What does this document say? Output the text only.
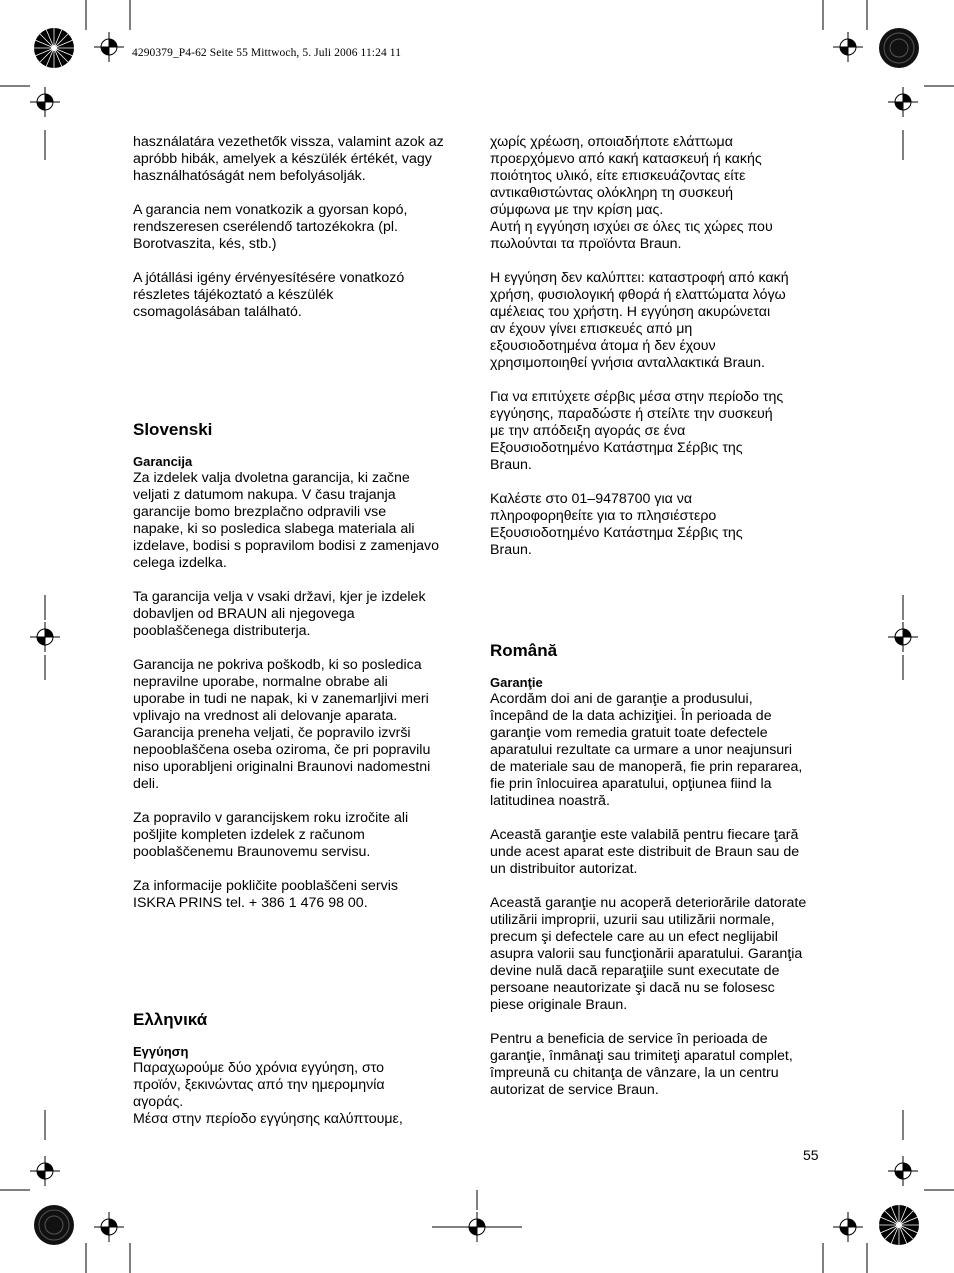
4290379_P4-62 Seite 55 Mittwoch, 5. Juli 2006 11:24 11

használatára vezethetők vissza, valamint azok az
apróbb hibák, amelyek a készülék értékét, vagy
használhatóságát nem befolyásolják.

A garancia nem vonatkozik a gyorsan kopó,
rendszeresen cserélendő tartozékokra (pl.
Borotvaszita, kés, stb.)

A jótállási igény érvényesítésére vonatkozó
részletes tájékoztató a készülék
csomagolásában található.

Slovenski
Garancija

Za izdelek valja dvoletna garancija, ki začne
veljati z datumom nakupa. V času trajanja
garancije bomo brezplačno odpravili vse
napake, ki so posledica slabega materiala ali
izdelave, bodisi s popravilom bodisi z zamenjavo
celega izdelka.

Ta garancija velja v vsaki državi, kjer je izdelek
dobavljen od BRAUN ali njegovega
pooblaščenega distributerja.

Garancija ne pokriva poškodb, ki so posledica
nepravilne uporabe, normalne obrabe ali
uporabe in tudi ne napak, ki v zanemarljivi meri
vplivajo na vrednost ali delovanje aparata.
Garancija preneha veljati, če popravilo izvrši
nepooblaščena oseba oziroma, če pri popravilu
niso uporabljeni originalni Braunovi nadomestni
deli.

Za popravilo v garancijskem roku izročite ali
pošljite kompleten izdelek z računom
pooblaščenemu Braunovemu servisu.

Za informacije pokličite pooblaščeni servis
ISKRA PRINS tel. + 386 1 476 98 00.

Ελληνικά
Εγγύηση

Παραχωρούμε δύο χρόνια εγγύηση, στο
προϊόν, ξεκινώντας από την ημερομηνία
αγοράς.
Μέσα στην περίοδο εγγύησης καλύπτουμε,

χωρίς χρέωση, οποιαδήποτε ελάττωμα
προερχόμενο από κακή κατασκευή ή κακής
ποιότητος υλικό, είτε επισκευάζοντας είτε
αντικαθιστώντας ολόκληρη τη συσκευή
σύμφωνα με την κρίση μας.
Αυτή η εγγύηση ισχύει σε όλες τις χώρες που
πωλούνται τα προϊόντα Braun.

Η εγγύηση δεν καλύπτει: καταστροφή από κακή
χρήση, φυσιολογική φθορά ή ελαττώματα λόγω
αμέλειας του χρήστη. Η εγγύηση ακυρώνεται
αν έχουν γίνει επισκευές από μη
εξουσιοδοτημένα άτομα ή δεν έχουν
χρησιμοποιηθεί γνήσια ανταλλακτικά Braun.

Για να επιτύχετε σέρβις μέσα στην περίοδο της
εγγύησης, παραδώστε ή στείλτε την συσκευή
με την απόδειξη αγοράς σε ένα
Εξουσιοδοτημένο Κατάστημα Σέρβις της
Braun.

Καλέστε στο 01–9478700 για να
πληροφορηθείτε για το πλησιέστερο
Εξουσιοδοτημένο Κατάστημα Σέρβις της
Braun.

Română
Garanţie

Acordăm doi ani de garanţie a produsului,
începând de la data achiziţiei. În perioada de
garanţie vom remedia gratuit toate defectele
aparatului rezultate ca urmare a unor neajunsuri
de materiale sau de manoperă, fie prin repararea,
fie prin înlocuirea aparatului, opţiunea fiind la
latitudinea noastră.

Această garanţie este valabilă pentru fiecare ţară
unde acest aparat este distribuit de Braun sau de
un distribuitor autorizat.

Această garanţie nu acoperă deteriorările datorate
utilizării improprii, uzurii sau utilizării normale,
precum şi defectele care au un efect neglijabil
asupra valorii sau funcţionării aparatului. Garanţia
devine nulă dacă reparaţiile sunt executate de
persoane neautorizate şi dacă nu se folosesc
piese originale Braun.

Pentru a beneficia de service în perioada de
garanţie, înmânaţi sau trimiteţi aparatul complet,
împreună cu chitanţa de vânzare, la un centru
autorizat de service Braun.

55
